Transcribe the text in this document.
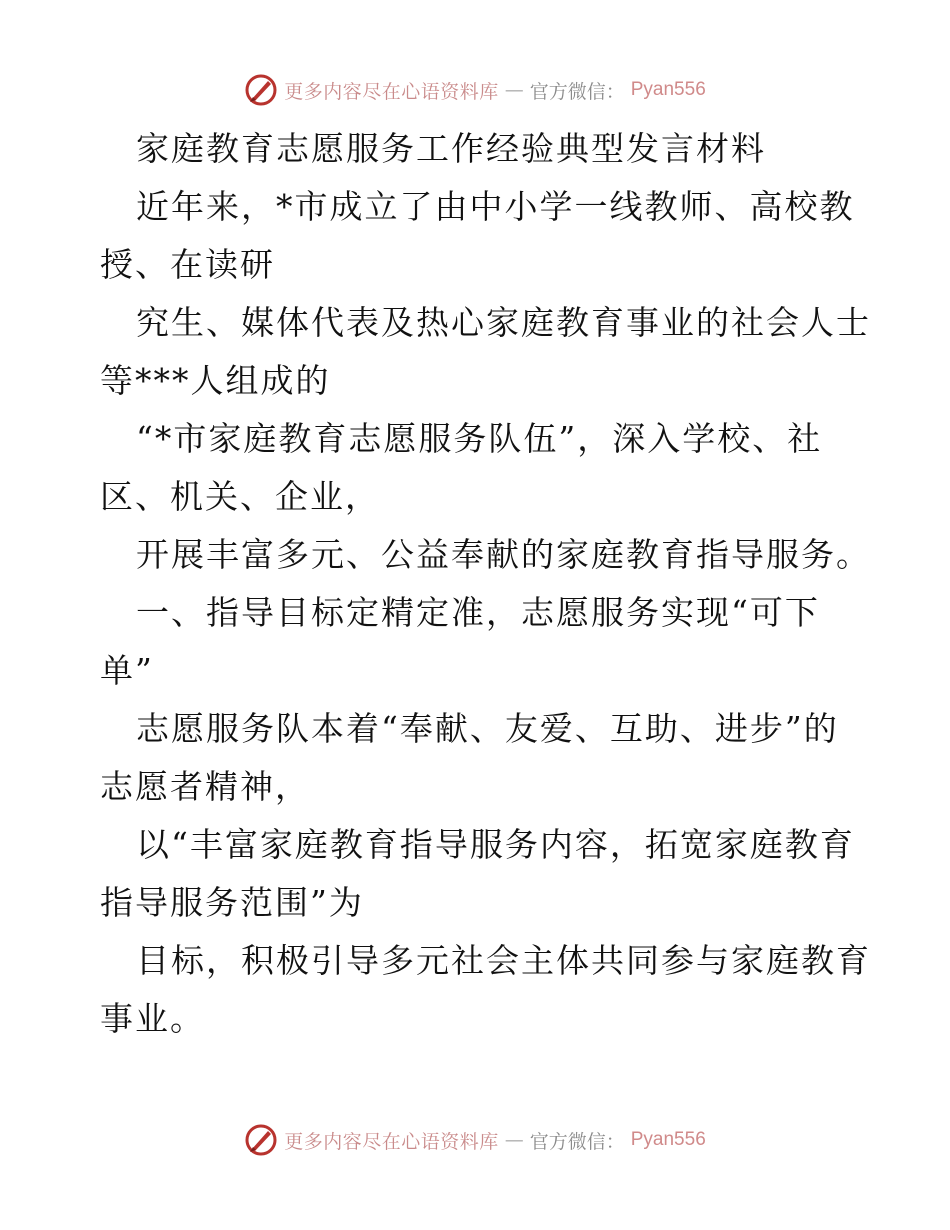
更多内容尽在心语资料库 — 官方微信： Pyan556
家庭教育志愿服务工作经验典型发言材料
近年来，*市成立了由中小学一线教师、高校教
授、在读研
究生、媒体代表及热心家庭教育事业的社会人士
等***人组成的
“*市家庭教育志愿服务队伍”，深入学校、社
区、机关、企业，
开展丰富多元、公益奉献的家庭教育指导服务。
一、指导目标定精定准，志愿服务实现“可下
单”
志愿服务队本着“奉献、友爱、互助、进步”的
志愿者精神，
以“丰富家庭教育指导服务内容，拓宽家庭教育
指导服务范围”为
目标，积极引导多元社会主体共同参与家庭教育
事业。
更多内容尽在心语资料库 — 官方微信： Pyan556
